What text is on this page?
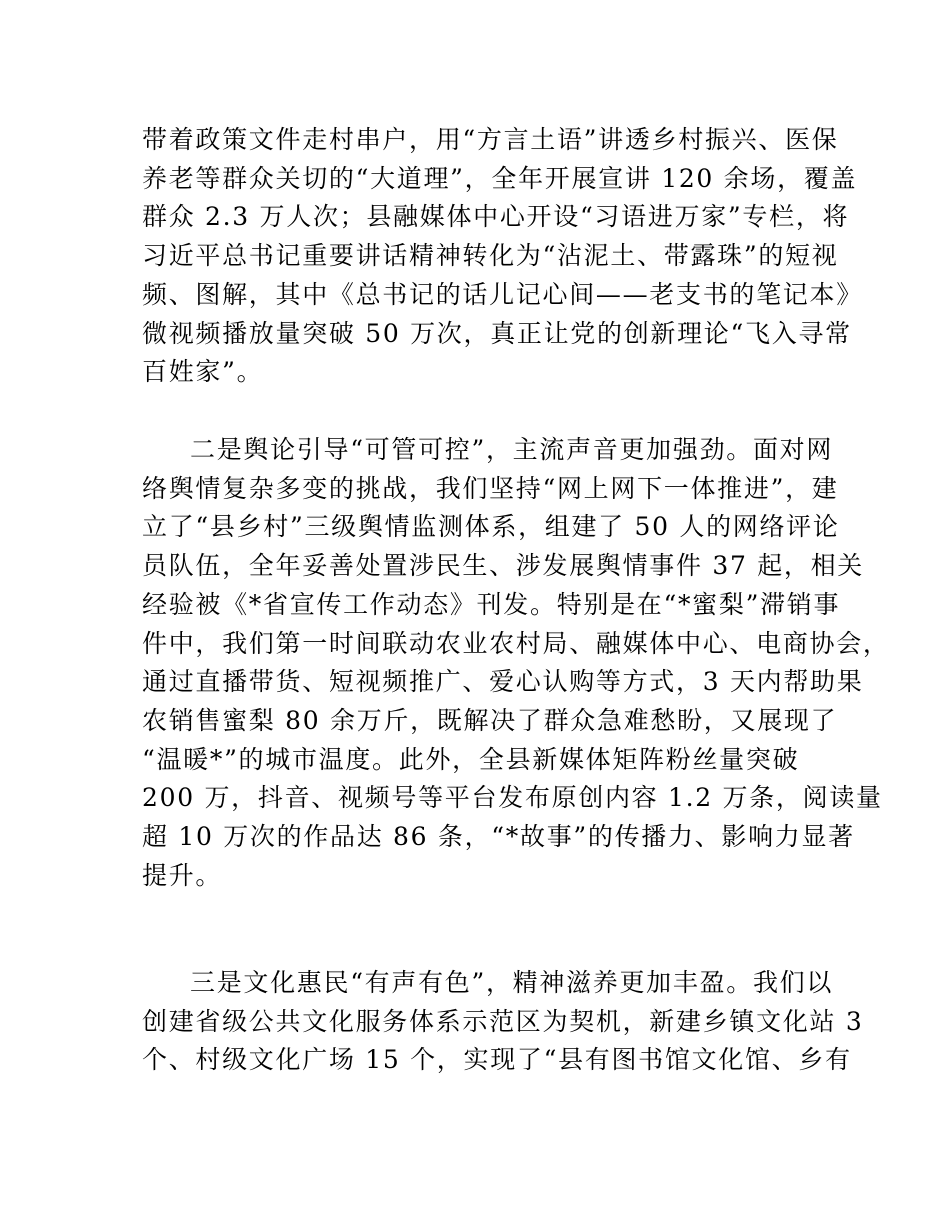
带着政策文件走村串户，用“方言土语”讲透乡村振兴、医保
养老等群众关切的“大道理”，全年开展宣讲 120 余场，覆盖
群众 2.3 万人次；县融媒体中心开设“习语进万家”专栏，将
习近平总书记重要讲话精神转化为“沾泥土、带露珠”的短视
频、图解，其中《总书记的话儿记心间——老支书的笔记本》
微视频播放量突破 50 万次，真正让党的创新理论“飞入寻常
百姓家”。
二是舆论引导“可管可控”，主流声音更加强劲。面对网
络舆情复杂多变的挑战，我们坚持“网上网下一体推进”，建
立了“县乡村”三级舆情监测体系，组建了 50 人的网络评论
员队伍，全年妥善处置涉民生、涉发展舆情事件 37 起，相关
经验被《*省宣传工作动态》刊发。特别是在“*蜜梨”滞销事
件中，我们第一时间联动农业农村局、融媒体中心、电商协会，
通过直播带货、短视频推广、爱心认购等方式，3 天内帮助果
农销售蜜梨 80 余万斤，既解决了群众急难愁盼，又展现了
“温暖*”的城市温度。此外，全县新媒体矩阵粉丝量突破
200 万，抖音、视频号等平台发布原创内容 1.2 万条，阅读量
超 10 万次的作品达 86 条，“*故事”的传播力、影响力显著
提升。
三是文化惠民“有声有色”，精神滋养更加丰盈。我们以
创建省级公共文化服务体系示范区为契机，新建乡镇文化站 3
个、村级文化广场 15 个，实现了“县有图书馆文化馆、乡有
